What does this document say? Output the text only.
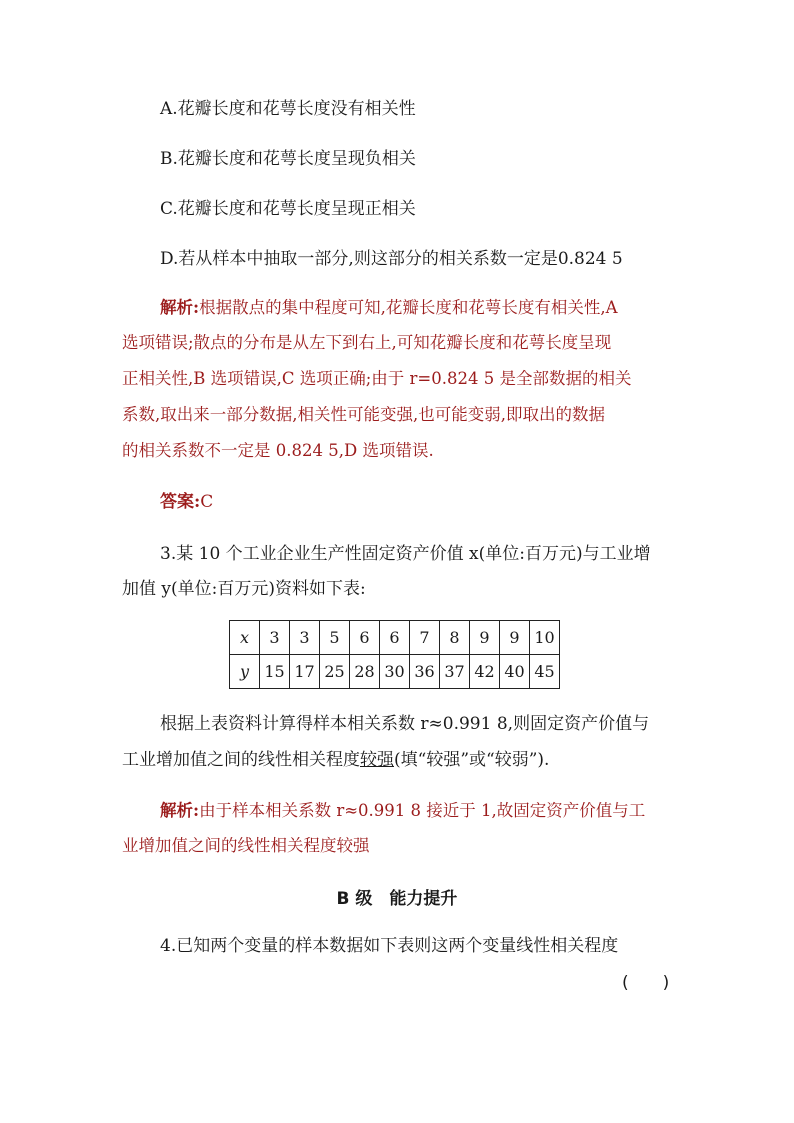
A.花瓣长度和花萼长度没有相关性
B.花瓣长度和花萼长度呈现负相关
C.花瓣长度和花萼长度呈现正相关
D.若从样本中抽取一部分,则这部分的相关系数一定是0.824 5
解析:根据散点的集中程度可知,花瓣长度和花萼长度有相关性,A
选项错误;散点的分布是从左下到右上,可知花瓣长度和花萼长度呈现
正相关性,B 选项错误,C 选项正确;由于 r=0.824 5 是全部数据的相关
系数,取出来一部分数据,相关性可能变强,也可能变弱,即取出的数据
的相关系数不一定是 0.824 5,D 选项错误.
答案:C
3.某 10 个工业企业生产性固定资产价值 x(单位:百万元)与工业增
加值 y(单位:百万元)资料如下表:
x	3	3	5	6	6	7	8	9	9	10
y	15	17	25	28	30	36	37	42	40	45
根据上表资料计算得样本相关系数 r≈0.991 8,则固定资产价值与
工业增加值之间的线性相关程度较强(填“较强”或“较弱”).
解析:由于样本相关系数 r≈0.991 8 接近于 1,故固定资产价值与工
业增加值之间的线性相关程度较强
B 级　能力提升
4.已知两个变量的样本数据如下表则这两个变量线性相关程度
(　　)
